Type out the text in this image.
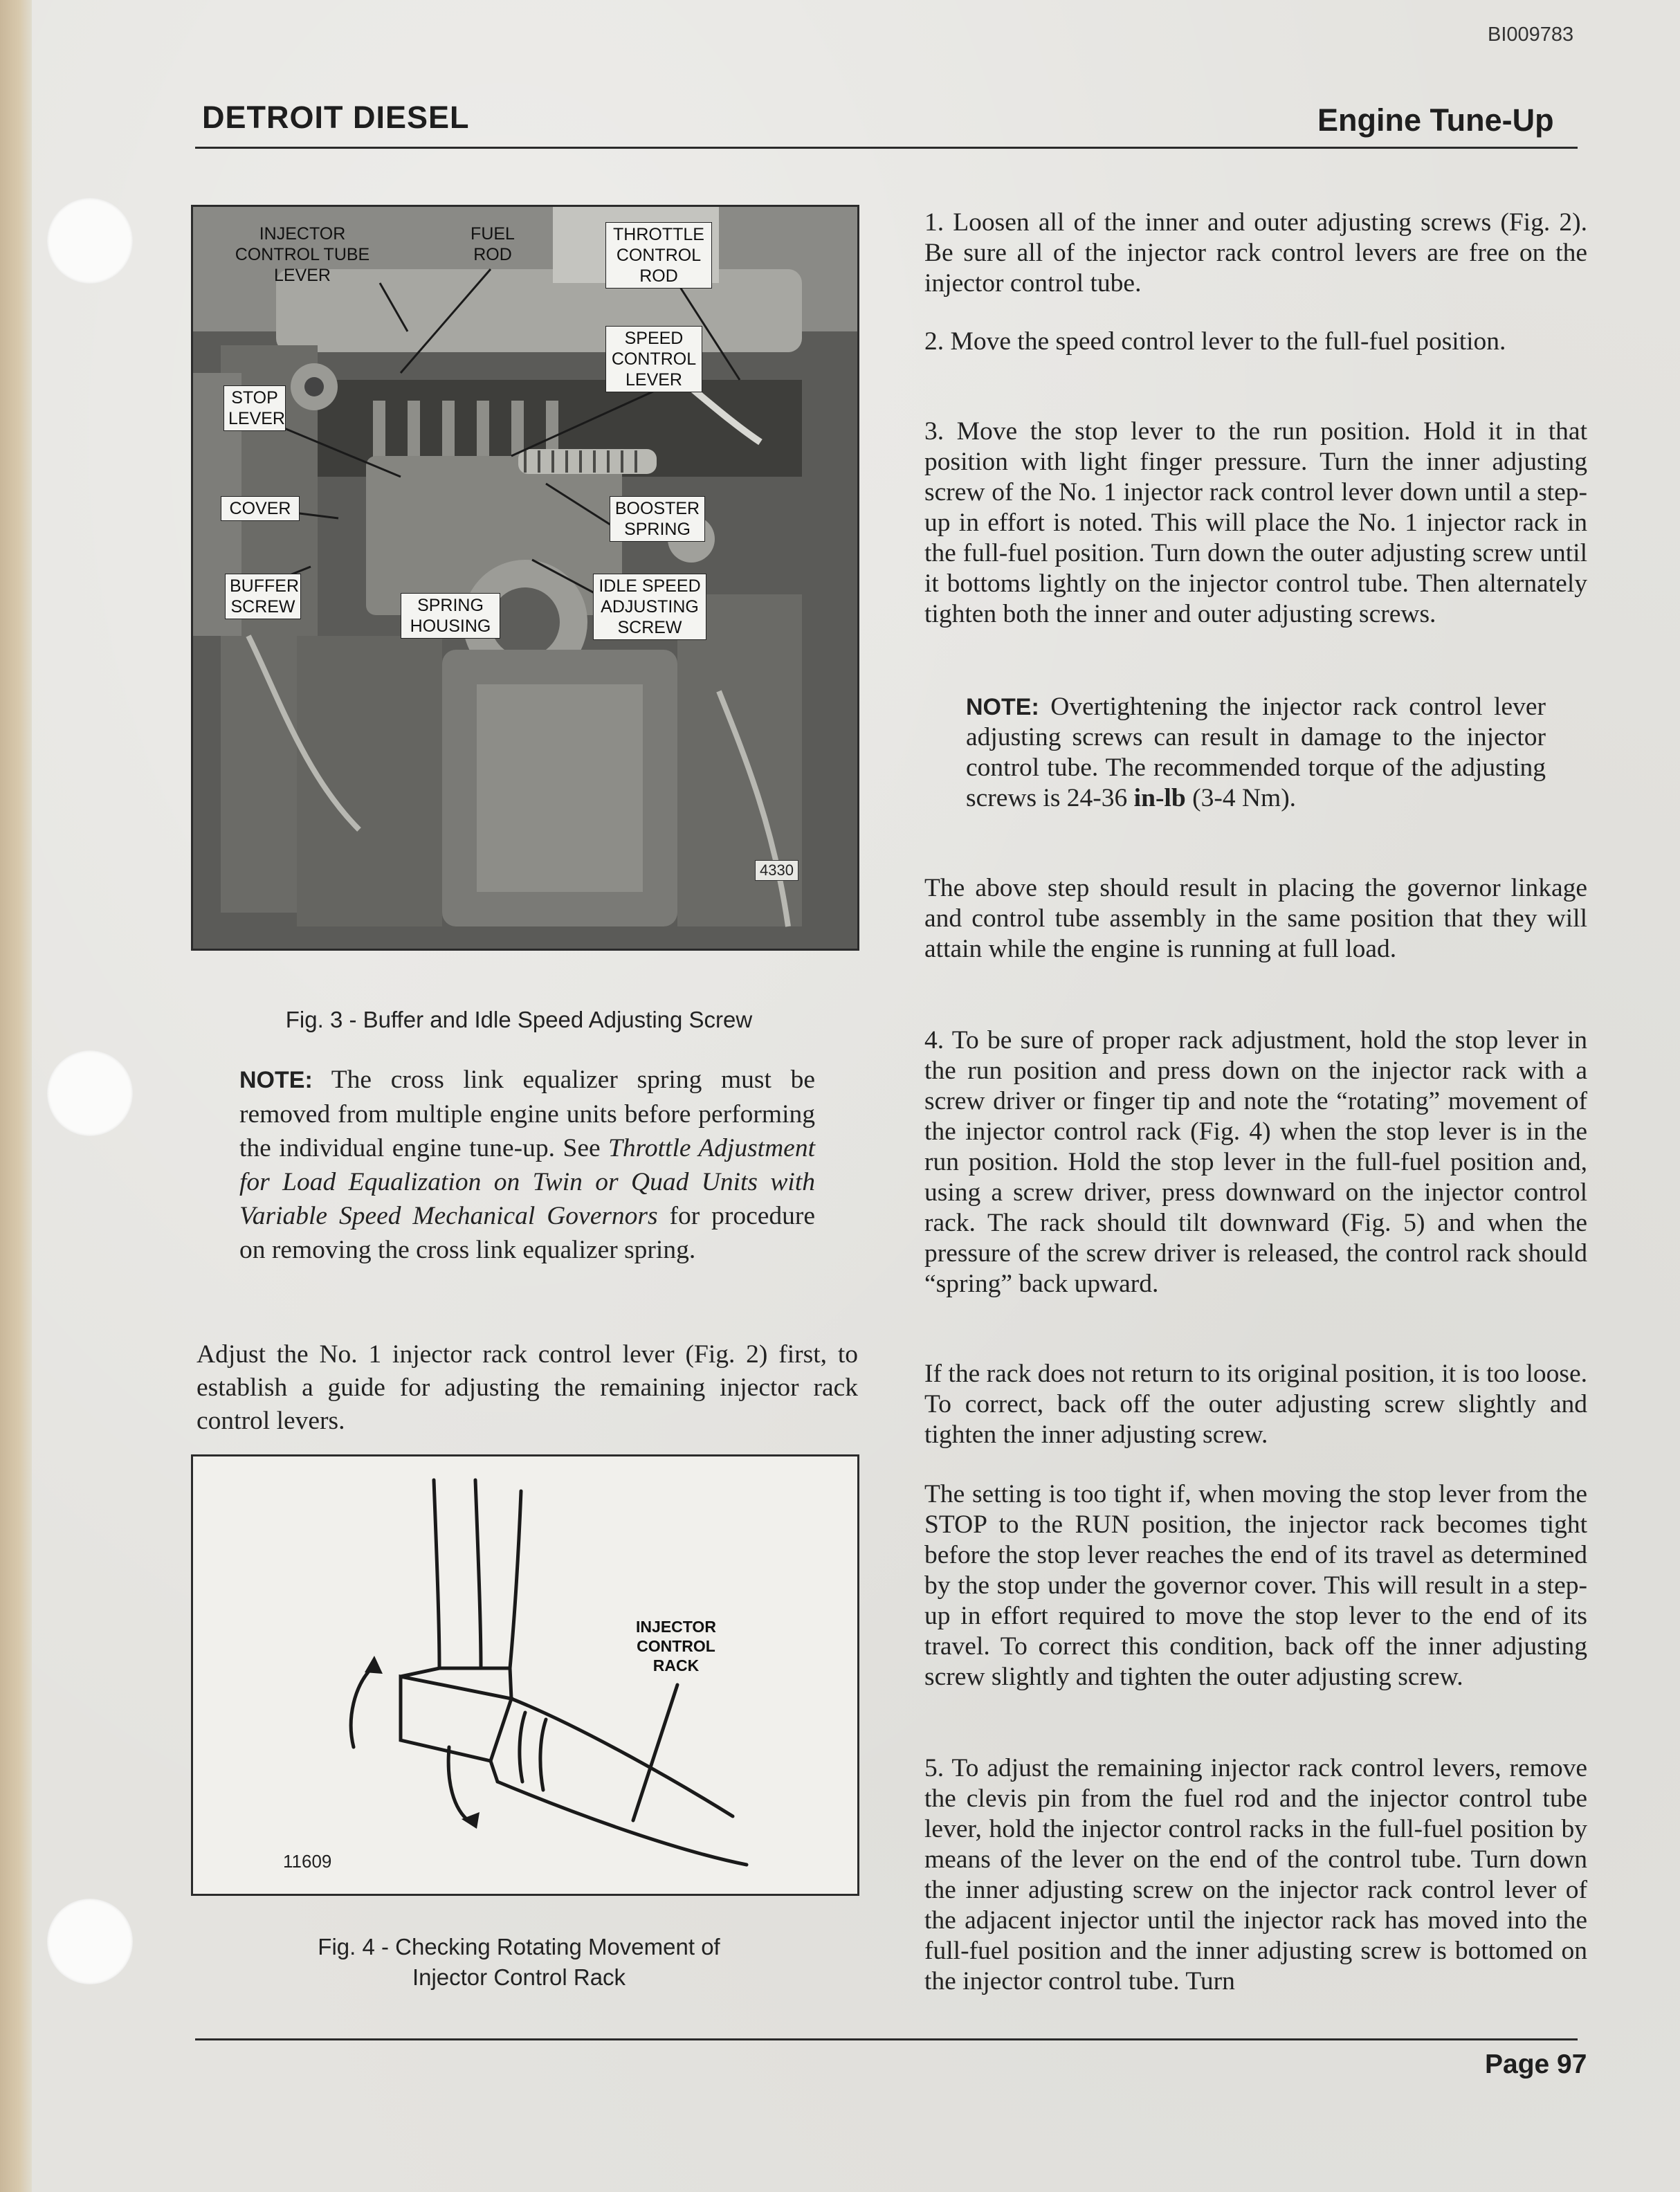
BI009783
DETROIT DIESEL	Engine Tune-Up
INJECTOR
CONTROL TUBE
LEVER
FUEL
ROD
THROTTLE
CONTROL
ROD
SPEED
CONTROL
LEVER
STOP
LEVER
COVER	BOOSTER
SPRING
BUFFER
SCREW	SPRING
HOUSING
IDLE SPEED
ADJUSTING
SCREW
4330
Fig. 3 - Buffer and Idle Speed Adjusting Screw

NOTE: The cross link equalizer spring must be removed from multiple engine units before performing the individual engine tune-up. See Throttle Adjustment for Load Equalization on Twin or Quad Units with Variable Speed Mechanical Governors for procedure on removing the cross link equalizer spring.

Adjust the No. 1 injector rack control lever (Fig. 2) first, to establish a guide for adjusting the remaining injector rack control levers.

INJECTOR
CONTROL
RACK
11609
Fig. 4 - Checking Rotating Movement of
Injector Control Rack

1. Loosen all of the inner and outer adjusting screws (Fig. 2). Be sure all of the injector rack control levers are free on the injector control tube.

2. Move the speed control lever to the full-fuel position.

3. Move the stop lever to the run position. Hold it in that position with light finger pressure. Turn the inner adjusting screw of the No. 1 injector rack control lever down until a step-up in effort is noted. This will place the No. 1 injector rack in the full-fuel position. Turn down the outer adjusting screw until it bottoms lightly on the injector control tube. Then alternately tighten both the inner and outer adjusting screws.

NOTE: Overtightening the injector rack control lever adjusting screws can result in damage to the injector control tube. The recommended torque of the adjusting screws is 24-36 in-lb (3-4 Nm).

The above step should result in placing the governor linkage and control tube assembly in the same position that they will attain while the engine is running at full load.

4. To be sure of proper rack adjustment, hold the stop lever in the run position and press down on the injector rack with a screw driver or finger tip and note the “rotating” movement of the injector control rack (Fig. 4) when the stop lever is in the run position. Hold the stop lever in the full-fuel position and, using a screw driver, press downward on the injector control rack. The rack should tilt downward (Fig. 5) and when the pressure of the screw driver is released, the control rack should “spring” back upward.

If the rack does not return to its original position, it is too loose. To correct, back off the outer adjusting screw slightly and tighten the inner adjusting screw.

The setting is too tight if, when moving the stop lever from the STOP to the RUN position, the injector rack becomes tight before the stop lever reaches the end of its travel as determined by the stop under the governor cover. This will result in a step-up in effort required to move the stop lever to the end of its travel. To correct this condition, back off the inner adjusting screw slightly and tighten the outer adjusting screw.

5. To adjust the remaining injector rack control levers, remove the clevis pin from the fuel rod and the injector control tube lever, hold the injector control racks in the full-fuel position by means of the lever on the end of the control tube. Turn down the inner adjusting screw on the injector rack control lever of the adjacent injector until the injector rack has moved into the full-fuel position and the inner adjusting screw is bottomed on the injector control tube. Turn

Page 97
